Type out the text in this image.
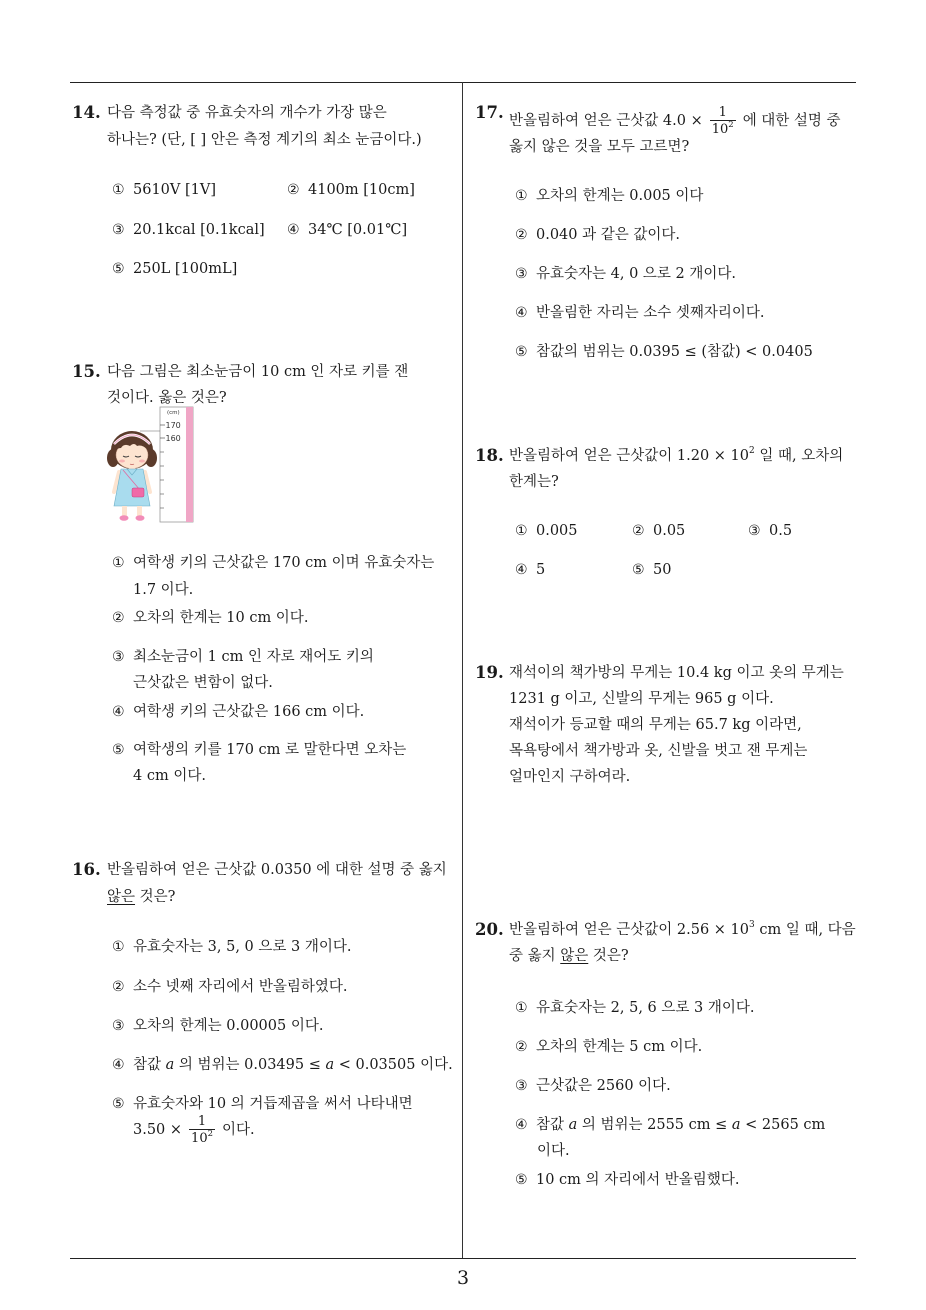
14. 다음 측정값 중 유효숫자의 개수가 가장 많은
하나는? (단, [ ] 안은 측정 계기의 최소 눈금이다.)
① 5610V [1V]	② 4100m [10cm]
③ 20.1kcal [0.1kcal] ④ 34℃ [0.01℃]
⑤ 250L [100mL]
15. 다음 그림은 최소눈금이 10 cm 인 자로 키를 잰
것이다. 옳은 것은?
(cm)
170
160
① 여학생 키의 근삿값은 170 cm 이며 유효숫자는
1.7 이다.
② 오차의 한계는 10 cm 이다.
③ 최소눈금이 1 cm 인 자로 재어도 키의
근삿값은 변함이 없다.
④ 여학생 키의 근삿값은 166 cm 이다.
⑤ 여학생의 키를 170 cm 로 말한다면 오차는
4 cm 이다.
16. 반올림하여 얻은 근삿값 0.0350 에 대한 설명 중 옳지
않은 것은?
① 유효숫자는 3, 5, 0 으로 3 개이다.
② 소수 넷째 자리에서 반올림하였다.
③ 오차의 한계는 0.00005 이다.
④ 참값 a 의 범위는 0.03495 ≤ a < 0.03505 이다.
⑤ 유효숫자와 10 의 거듭제곱을 써서 나타내면
$3.50 \times \frac{1}{10^2}$ 이다.
17. 반올림하여 얻은 근삿값 $4.0 \times \frac{1}{10^2}$ 에 대한 설명 중
옳지 않은 것을 모두 고르면?
① 오차의 한계는 0.005 이다
② 0.040 과 같은 값이다.
③ 유효숫자는 4, 0 으로 2 개이다.
④ 반올림한 자리는 소수 셋째자리이다.
⑤ 참값의 범위는 0.0395 ≤ (참값) < 0.0405
18. 반올림하여 얻은 근삿값이 $1.20 \times 10^2$ 일 때, 오차의
한계는?
① 0.005	② 0.05	③ 0.5
④ 5	⑤ 50
19. 재석이의 책가방의 무게는 10.4 kg 이고 옷의 무게는
1231 g 이고, 신발의 무게는 965 g 이다.
재석이가 등교할 때의 무게는 65.7 kg 이라면,
목욕탕에서 책가방과 옷, 신발을 벗고 잰 무게는
얼마인지 구하여라.
20. 반올림하여 얻은 근삿값이 $2.56 \times 10^3$ cm 일 때, 다음
중 옳지 않은 것은?
① 유효숫자는 2, 5, 6 으로 3 개이다.
② 오차의 한계는 5 cm 이다.
③ 근삿값은 2560 이다.
④ 참값 a 의 범위는 2555 cm ≤ a < 2565 cm
이다.
⑤ 10 cm 의 자리에서 반올림했다.
3
